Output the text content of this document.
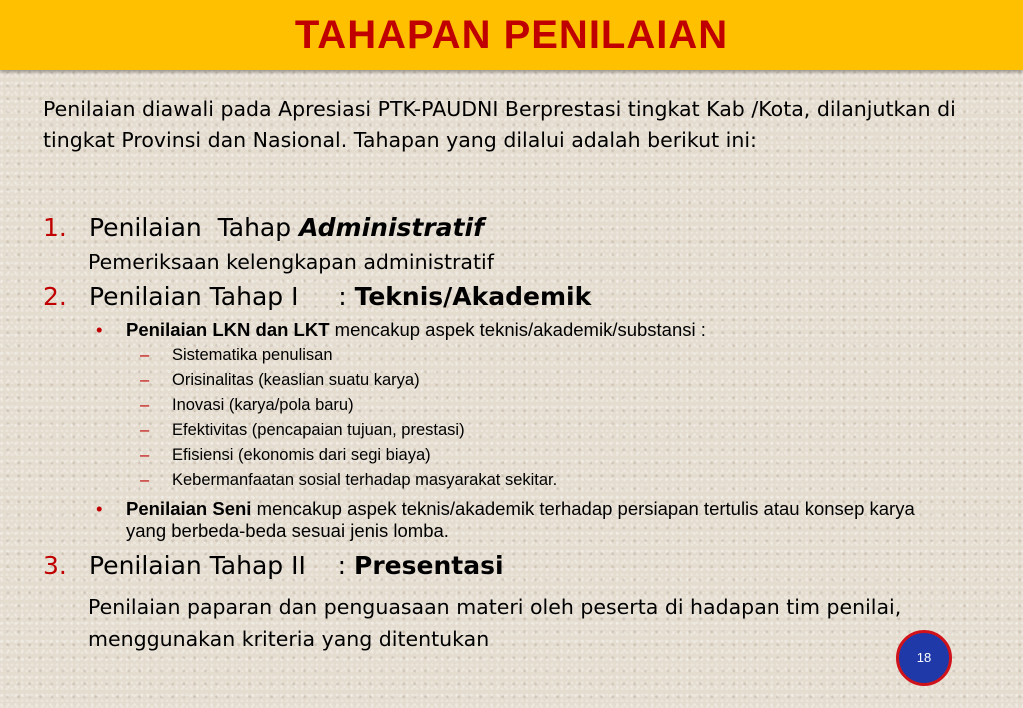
TAHAPAN PENILAIAN

Penilaian diawali pada Apresiasi PTK-PAUDNI Berprestasi tingkat Kab /Kota, dilanjutkan di tingkat Provinsi dan Nasional. Tahapan yang dilalui adalah berikut ini:

1. Penilaian  Tahap Administratif
Pemeriksaan kelengkapan administratif
2. Penilaian Tahap I     : Teknis/Akademik
• Penilaian LKN dan LKT mencakup aspek teknis/akademik/substansi :
– Sistematika penulisan
– Orisinalitas (keaslian suatu karya)
– Inovasi (karya/pola baru)
– Efektivitas (pencapaian tujuan, prestasi)
– Efisiensi (ekonomis dari segi biaya)
– Kebermanfaatan sosial terhadap masyarakat sekitar.
• Penilaian Seni mencakup aspek teknis/akademik terhadap persiapan tertulis atau konsep karya yang berbeda-beda sesuai jenis lomba.
3. Penilaian Tahap II    : Presentasi
Penilaian paparan dan penguasaan materi oleh peserta di hadapan tim penilai, menggunakan kriteria yang ditentukan
18
